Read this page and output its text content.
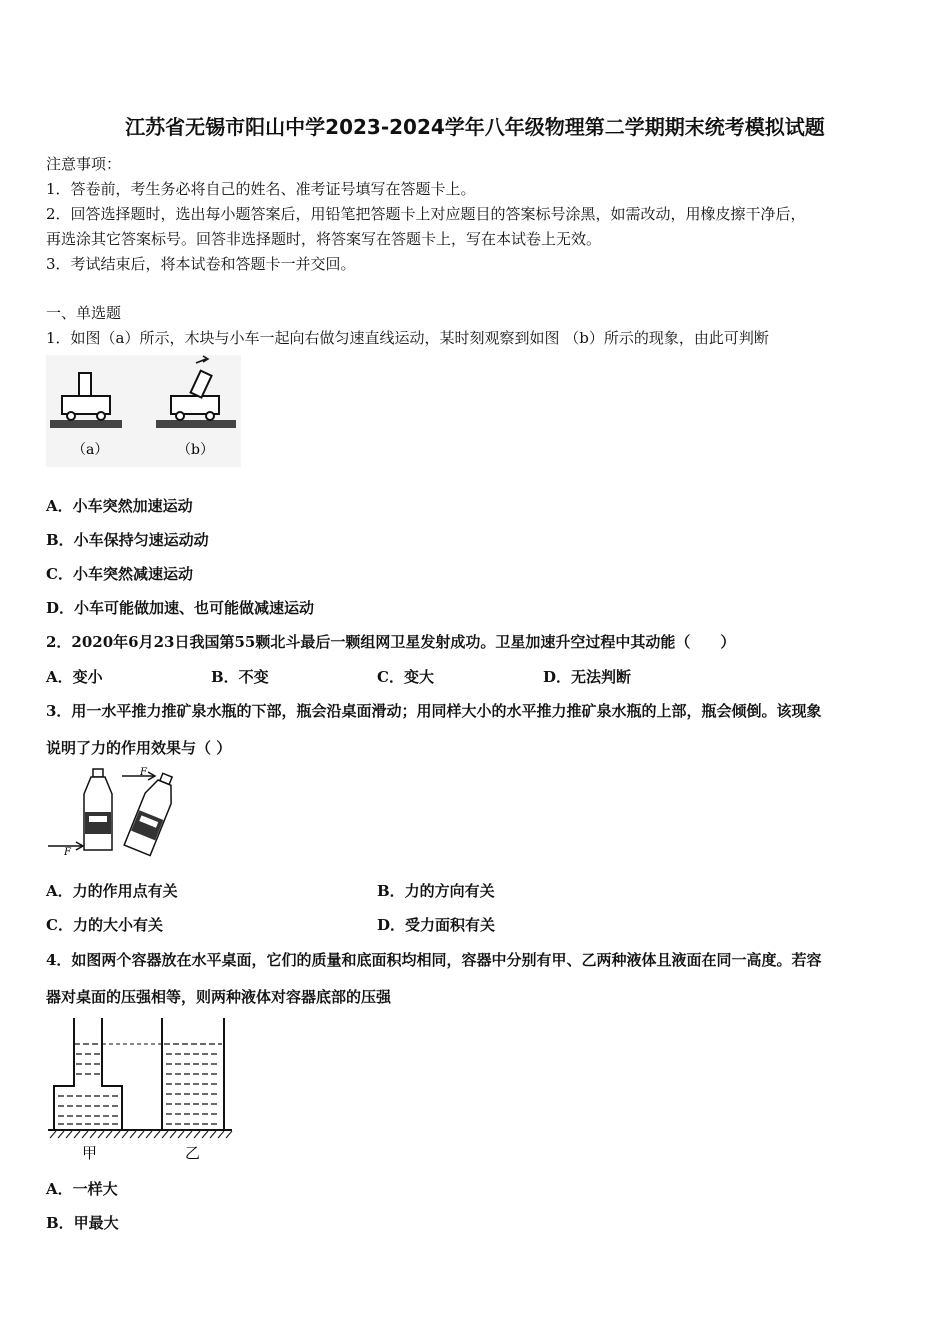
江苏省无锡市阳山中学2023-2024学年八年级物理第二学期期末统考模拟试题
注意事项：
1．答卷前，考生务必将自己的姓名、准考证号填写在答题卡上。
2．回答选择题时，选出每小题答案后，用铅笔把答题卡上对应题目的答案标号涂黑，如需改动，用橡皮擦干净后，
再选涂其它答案标号。回答非选择题时，将答案写在答题卡上，写在本试卷上无效。
3．考试结束后，将本试卷和答题卡一并交回。
一、单选题
1．如图（a）所示，木块与小车一起向右做匀速直线运动，某时刻观察到如图 （b）所示的现象，由此可判断
（a）	（b）
A．小车突然加速运动
B．小车保持匀速运动动
C．小车突然减速运动
D．小车可能做加速、也可能做减速运动
2．2020年6月23日我国第55颗北斗最后一颗组网卫星发射成功。卫星加速升空过程中其动能（　　）
A．变小	B．不变	C．变大	D．无法判断
3．用一水平推力推矿泉水瓶的下部，瓶会沿桌面滑动；用同样大小的水平推力推矿泉水瓶的上部，瓶会倾倒。该现象
说明了力的作用效果与（ ）
F
F
A．力的作用点有关	B．力的方向有关
C．力的大小有关	D．受力面积有关
4．如图两个容器放在水平桌面，它们的质量和底面积均相同，容器中分别有甲、乙两种液体且液面在同一高度。若容
器对桌面的压强相等，则两种液体对容器底部的压强
甲	乙
A．一样大
B．甲最大
